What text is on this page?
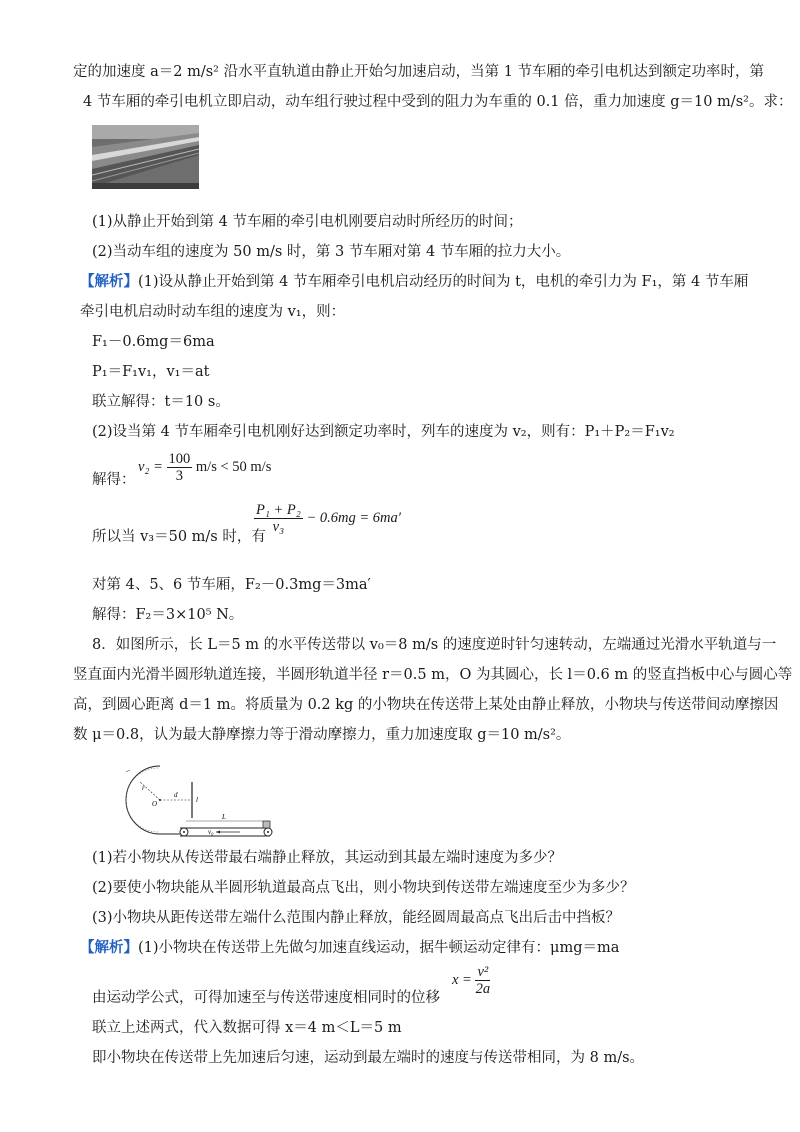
定的加速度 a＝2 m/s² 沿水平直轨道由静止开始匀加速启动，当第 1 节车厢的牵引电机达到额定功率时，第
4 节车厢的牵引电机立即启动，动车组行驶过程中受到的阻力为车重的 0.1 倍，重力加速度 g＝10 m/s²。求：
(1)从静止开始到第 4 节车厢的牵引电机刚要启动时所经历的时间；
(2)当动车组的速度为 50 m/s 时，第 3 节车厢对第 4 节车厢的拉力大小。
【解析】(1)设从静止开始到第 4 节车厢牵引电机启动经历的时间为 t，电机的牵引力为 F₁，第 4 节车厢
牵引电机启动时动车组的速度为 v₁，则：
F₁－0.6mg＝6ma
P₁＝F₁v₁，v₁＝at
联立解得：t＝10 s。
(2)设当第 4 节车厢牵引电机刚好达到额定功率时，列车的速度为 v₂，则有：P₁＋P₂＝F₁v₂
解得：
$v_2 = \frac{100}{3} m/s < 50$ m/s
所以当 v₃＝50 m/s 时，有
$\frac{\text{P₁ + P₂}}{\text{v₃}} - 0.6mg = 6ma'$
对第 4、5、6 节车厢，F₂－0.3mg＝3ma′
解得：F₂＝3×10⁵ N。
8．如图所示，长 L＝5 m 的水平传送带以 v₀＝8 m/s 的速度逆时针匀速转动，左端通过光滑水平轨道与一
竖直面内光滑半圆形轨道连接，半圆形轨道半径 r＝0.5 m，O 为其圆心，长 l＝0.6 m 的竖直挡板中心与圆心等
高，到圆心距离 d＝1 m。将质量为 0.2 kg 的小物块在传送带上某处由静止释放，小物块与传送带间动摩擦因
数 μ＝0.8，认为最大静摩擦力等于滑动摩擦力，重力加速度取 g＝10 m/s²。
r
d
O	l
L
v₀
(1)若小物块从传送带最右端静止释放，其运动到其最左端时速度为多少？
(2)要使小物块能从半圆形轨道最高点飞出，则小物块到传送带左端速度至少为多少？
(3)小物块从距传送带左端什么范围内静止释放，能经圆周最高点飞出后击中挡板？
【解析】(1)小物块在传送带上先做匀加速直线运动，据牛顿运动定律有：μmg＝ma
由运动学公式，可得加速至与传送带速度相同时的位移
$x = \frac{\text{v²}}{2a}$
联立上述两式，代入数据可得 x＝4 m＜L＝5 m
即小物块在传送带上先加速后匀速，运动到最左端时的速度与传送带相同，为 8 m/s。
